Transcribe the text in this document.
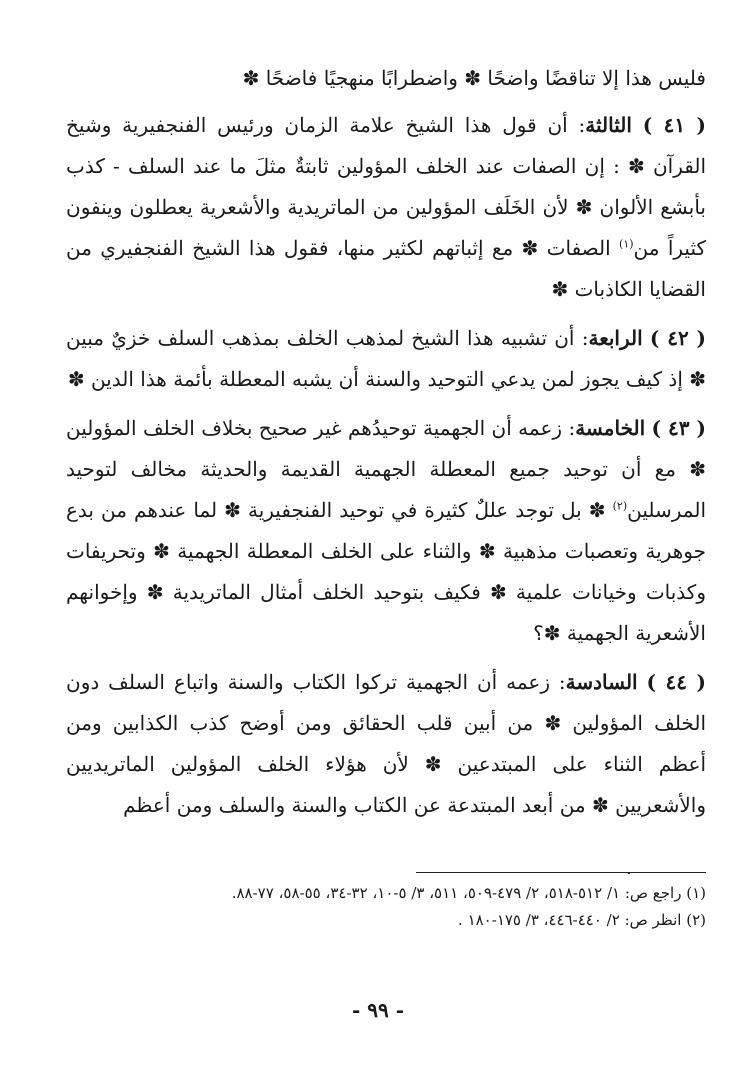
فليس هذا إلا تناقضًا واضحًا ✽ واضطرابًا منهجيًا فاضحًا ✽

( ٤١ ) الثالثة: أن قول هذا الشيخ علامة الزمان ورئيس الفنجفيرية وشيخ القرآن ✽ : إن الصفات عند الخلف المؤولين ثابتةٌ مثلَ ما عند السلف - كذب بأبشع الألوان ✽ لأن الخَلَف المؤولين من الماتريدية والأشعرية يعطلون وينفون كثيراً من$^{(١)}$ الصفات ✽ مع إثباتهم لكثير منها، فقول هذا الشيخ الفنجفيري من القضايا الكاذبات ✽

( ٤٢ ) الرابعة: أن تشبيه هذا الشيخ لمذهب الخلف بمذهب السلف خزيٌ مبين ✽ إذ كيف يجوز لمن يدعي التوحيد والسنة أن يشبه المعطلة بأئمة هذا الدين ✽

( ٤٣ ) الخامسة: زعمه أن الجهمية توحيدُهم غير صحيح بخلاف الخلف المؤولين ✽ مع أن توحيد جميع المعطلة الجهمية القديمة والحديثة مخالف لتوحيد المرسلين$^{(٢)}$ ✽ بل توجد عللٌ كثيرة في توحيد الفنجفيرية ✽ لما عندهم من بدع جوهرية وتعصبات مذهبية ✽ والثناء على الخلف المعطلة الجهمية ✽ وتحريفات وكذبات وخيانات علمية ✽ فكيف بتوحيد الخلف أمثال الماتريدية ✽ وإخوانهم الأشعرية الجهمية ✽؟

( ٤٤ ) السادسة: زعمه أن الجهمية تركوا الكتاب والسنة واتباع السلف دون الخلف المؤولين ✽ من أبين قلب الحقائق ومن أوضح كذب الكذابين ومن أعظم الثناء على المبتدعين ✽ لأن هؤلاء الخلف المؤولين الماتريديين والأشعريين ✽ من أبعد المبتدعة عن الكتاب والسنة والسلف ومن أعظم

.

(١) راجع ص: ١/ ٥١٢-٥١٨، ٢/ ٤٧٩-٥٠٩، ٥١١، ٣/ ٥-١٠، ٣٢-٣٤، ٥٥-٥٨، ٧٧-٨٨.

(٢) انظر ص: ٢/ ٤٤٠-٤٤٦، ٣/ ١٧٥-١٨٠ .

- ٩٩ -
